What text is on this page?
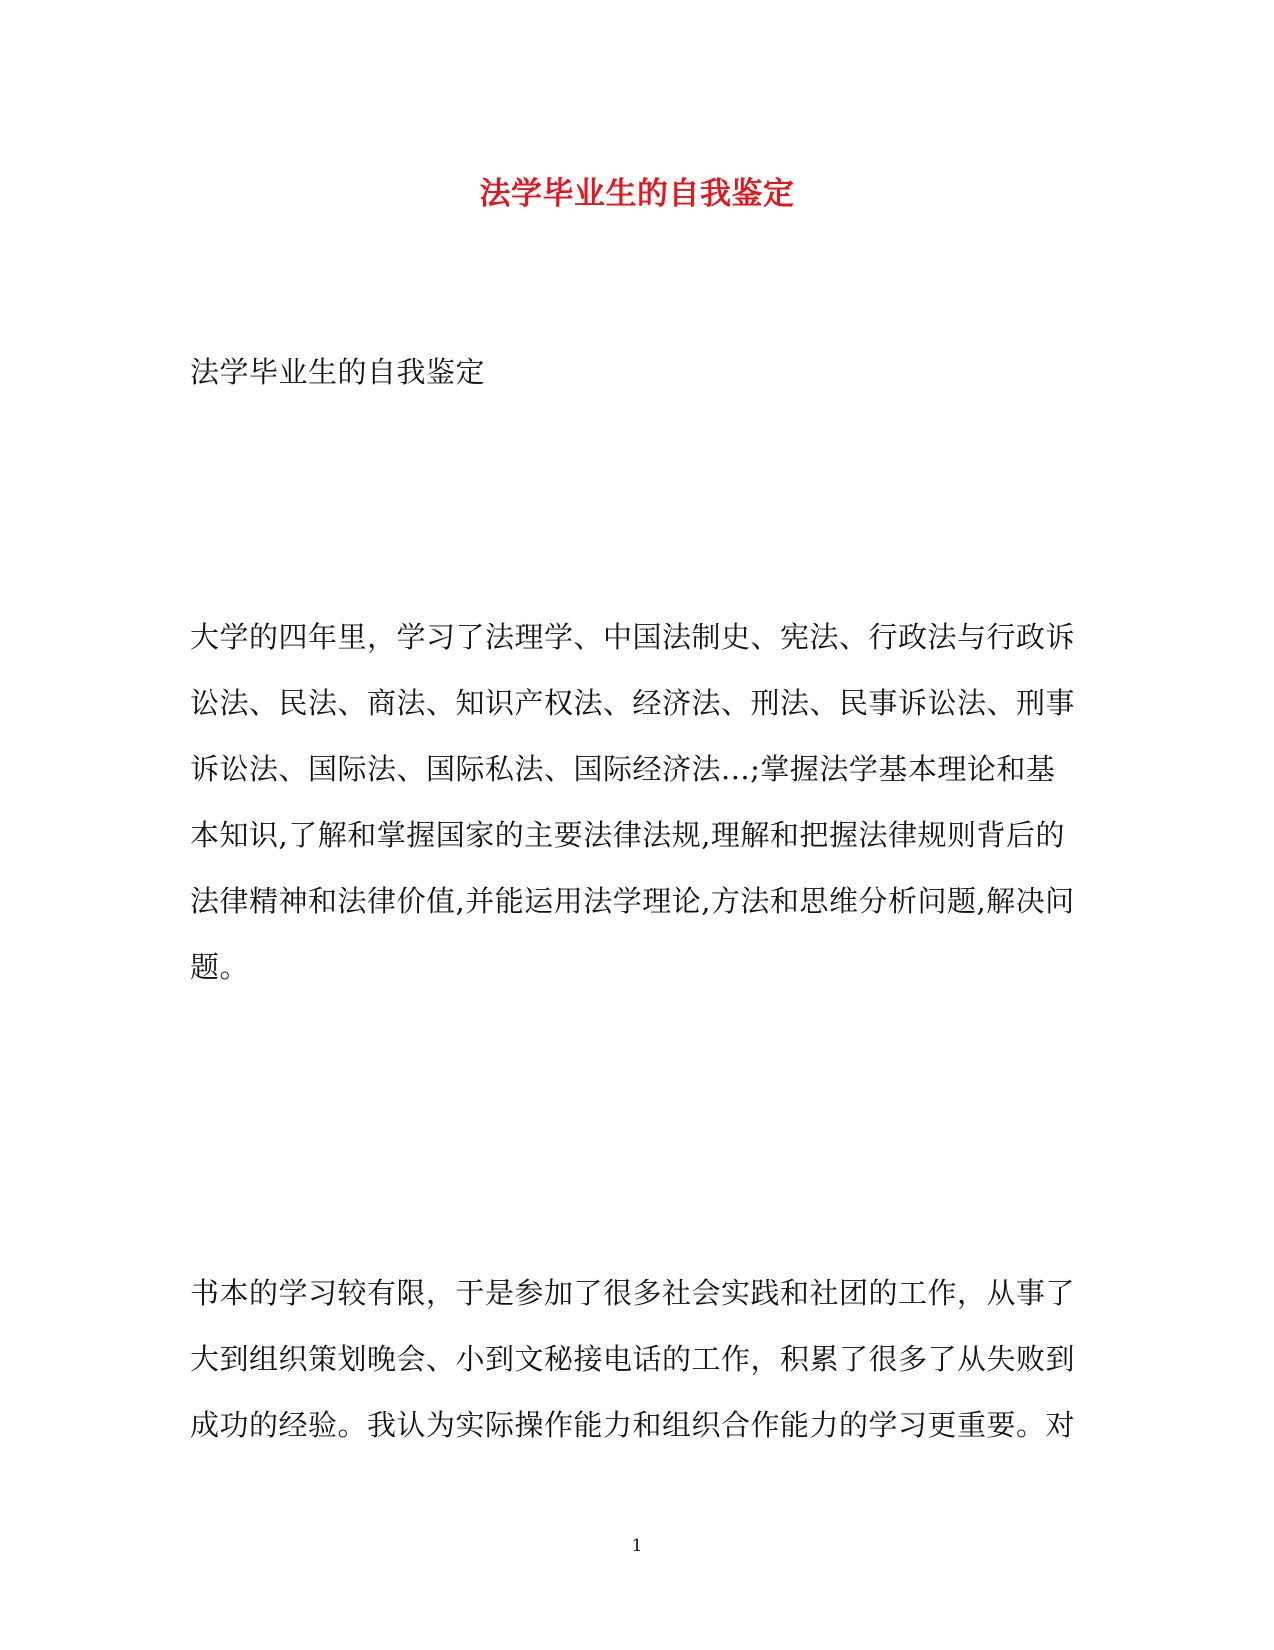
法学毕业生的自我鉴定
法学毕业生的自我鉴定

大学的四年里，学习了法理学、中国法制史、宪法、行政法与行政诉
讼法、民法、商法、知识产权法、经济法、刑法、民事诉讼法、刑事
诉讼法、国际法、国际私法、国际经济法...;掌握法学基本理论和基
本知识,了解和掌握国家的主要法律法规,理解和把握法律规则背后的
法律精神和法律价值,并能运用法学理论,方法和思维分析问题,解决问
题。

书本的学习较有限，于是参加了很多社会实践和社团的工作，从事了
大到组织策划晚会、小到文秘接电话的工作，积累了很多了从失败到
成功的经验。我认为实际操作能力和组织合作能力的学习更重要。对

1
